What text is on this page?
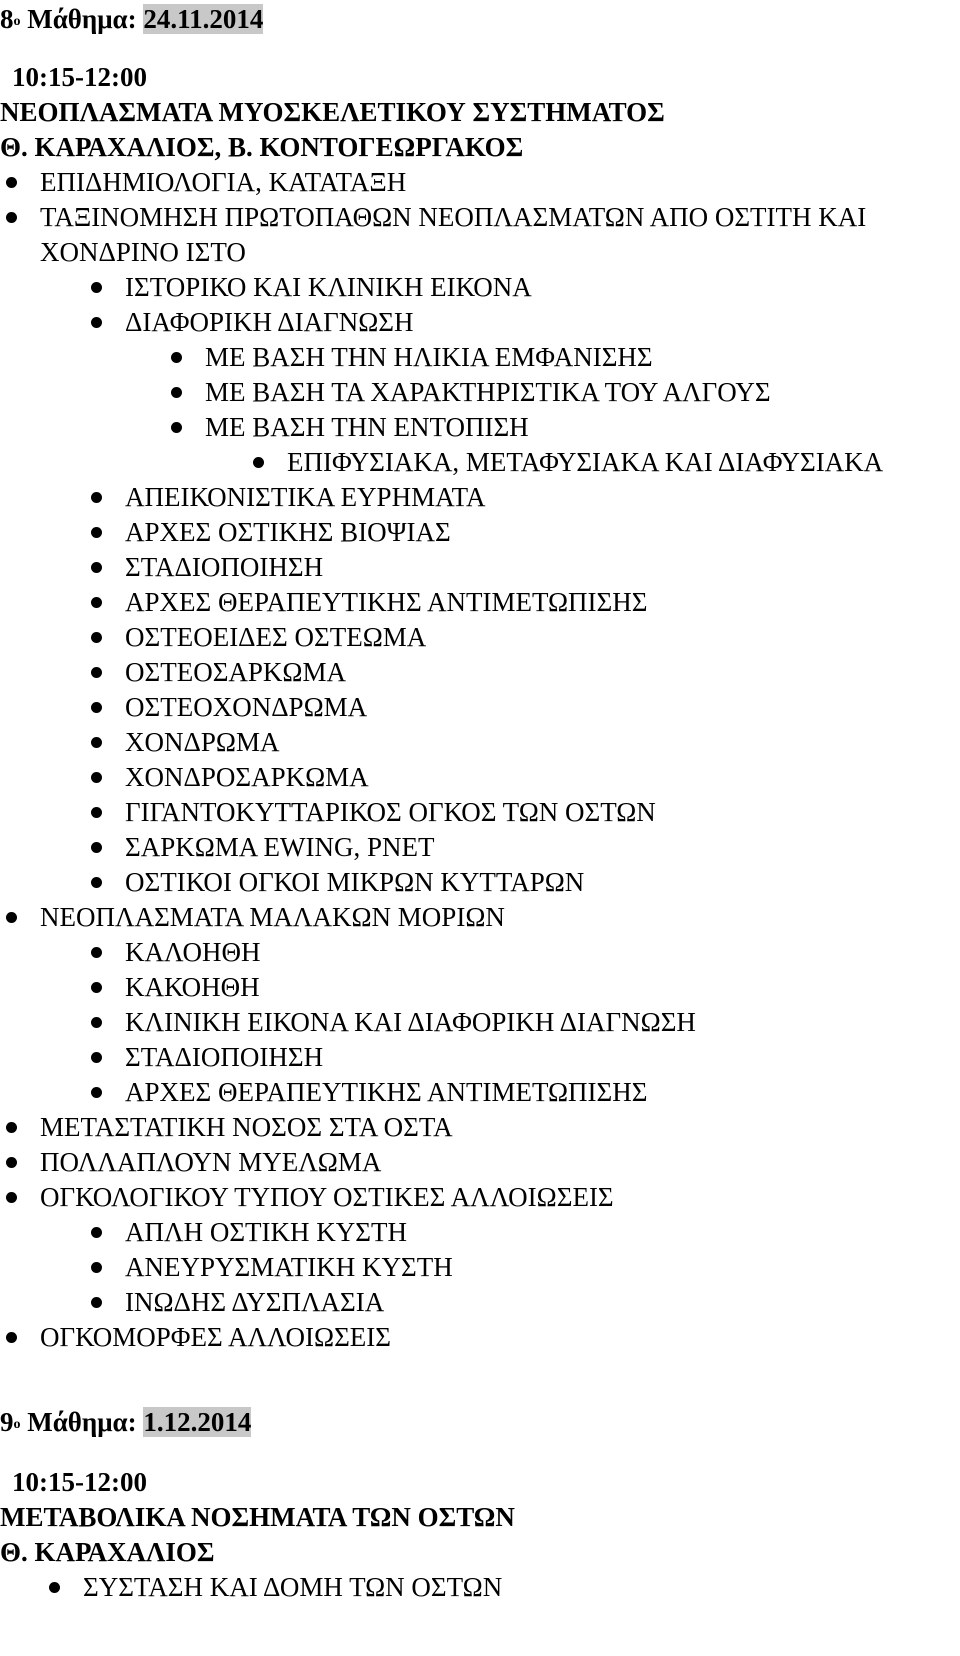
$8^o$ Μάθημα: 24.11.2014
10:15-12:00
ΝΕΟΠΛΑΣΜΑΤΑ ΜΥΟΣΚΕΛΕΤΙΚΟΥ ΣΥΣΤΗΜΑΤΟΣ
Θ. ΚΑΡΑΧΑΛΙΟΣ, Β. ΚΟΝΤΟΓΕΩΡΓΑΚΟΣ
ΕΠΙΔΗΜΙΟΛΟΓΙΑ, ΚΑΤΑΤΑΞΗ
ΤΑΞΙΝΟΜΗΣΗ ΠΡΩΤΟΠΑΘΩΝ ΝΕΟΠΛΑΣΜΑΤΩΝ ΑΠΟ ΟΣΤΙΤΗ ΚΑΙ
ΧΟΝΔΡΙΝΟ ΙΣΤΟ
ΙΣΤΟΡΙΚΟ ΚΑΙ ΚΛΙΝΙΚΗ ΕΙΚΟΝΑ
ΔΙΑΦΟΡΙΚΗ ΔΙΑΓΝΩΣΗ
ΜΕ ΒΑΣΗ ΤΗΝ ΗΛΙΚΙΑ ΕΜΦΑΝΙΣΗΣ
ΜΕ ΒΑΣΗ ΤΑ ΧΑΡΑΚΤΗΡΙΣΤΙΚΑ ΤΟΥ ΑΛΓΟΥΣ
ΜΕ ΒΑΣΗ ΤΗΝ ΕΝΤΟΠΙΣΗ
ΕΠΙΦΥΣΙΑΚΑ, ΜΕΤΑΦΥΣΙΑΚΑ ΚΑΙ ΔΙΑΦΥΣΙΑΚΑ
ΑΠΕΙΚΟΝΙΣΤΙΚΑ ΕΥΡΗΜΑΤΑ
ΑΡΧΕΣ ΟΣΤΙΚΗΣ ΒΙΟΨΙΑΣ
ΣΤΑΔΙΟΠΟΙΗΣΗ
ΑΡΧΕΣ ΘΕΡΑΠΕΥΤΙΚΗΣ ΑΝΤΙΜΕΤΩΠΙΣΗΣ
ΟΣΤΕΟΕΙΔΕΣ ΟΣΤΕΩΜΑ
ΟΣΤΕΟΣΑΡΚΩΜΑ
ΟΣΤΕΟΧΟΝΔΡΩΜΑ
ΧΟΝΔΡΩΜΑ
ΧΟΝΔΡΟΣΑΡΚΩΜΑ
ΓΙΓΑΝΤΟΚΥΤΤΑΡΙΚΟΣ ΟΓΚΟΣ ΤΩΝ ΟΣΤΩΝ
ΣΑΡΚΩΜΑ EWING, PNET
ΟΣΤΙΚΟΙ ΟΓΚΟΙ ΜΙΚΡΩΝ ΚΥΤΤΑΡΩΝ
ΝΕΟΠΛΑΣΜΑΤΑ ΜΑΛΑΚΩΝ ΜΟΡΙΩΝ
ΚΑΛΟΗΘΗ
ΚΑΚΟΗΘΗ
ΚΛΙΝΙΚΗ ΕΙΚΟΝΑ ΚΑΙ ΔΙΑΦΟΡΙΚΗ ΔΙΑΓΝΩΣΗ
ΣΤΑΔΙΟΠΟΙΗΣΗ
ΑΡΧΕΣ ΘΕΡΑΠΕΥΤΙΚΗΣ ΑΝΤΙΜΕΤΩΠΙΣΗΣ
ΜΕΤΑΣΤΑΤΙΚΗ ΝΟΣΟΣ ΣΤΑ ΟΣΤΑ
ΠΟΛΛΑΠΛΟΥΝ ΜΥΕΛΩΜΑ
ΟΓΚΟΛΟΓΙΚΟΥ ΤΥΠΟΥ ΟΣΤΙΚΕΣ ΑΛΛΟΙΩΣΕΙΣ
ΑΠΛΗ ΟΣΤΙΚΗ ΚΥΣΤΗ
ΑΝΕΥΡΥΣΜΑΤΙΚΗ ΚΥΣΤΗ
ΙΝΩΔΗΣ ΔΥΣΠΛΑΣΙΑ
ΟΓΚΟΜΟΡΦΕΣ ΑΛΛΟΙΩΣΕΙΣ
$9^o$ Μάθημα: 1.12.2014
10:15-12:00
ΜΕΤΑΒΟΛΙΚΑ ΝΟΣΗΜΑΤΑ ΤΩΝ ΟΣΤΩΝ
Θ. ΚΑΡΑΧΑΛΙΟΣ
ΣΥΣΤΑΣΗ ΚΑΙ ΔΟΜΗ ΤΩΝ ΟΣΤΩΝ
